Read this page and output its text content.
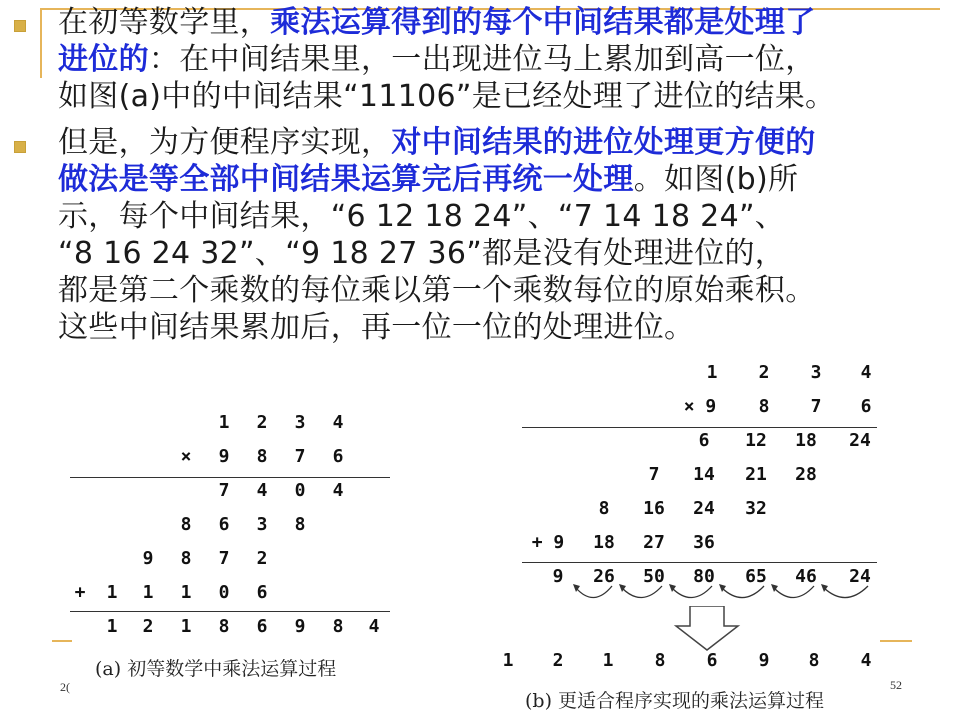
在初等数学里，乘法运算得到的每个中间结果都是处理了
进位的：在中间结果里，一出现进位马上累加到高一位，
如图(a)中的中间结果“11106”是已经处理了进位的结果。
但是，为方便程序实现，对中间结果的进位处理更方便的
做法是等全部中间结果运算完后再统一处理。如图(b)所
示，每个中间结果，“6 12 18 24”、“7 14 18 24”、
“8 16 24 32”、“9 18 27 36”都是没有处理进位的，
都是第二个乘数的每位乘以第一个乘数每位的原始乘积。
这些中间结果累加后，再一位一位的处理进位。
1	2	3	4
×	9	8	7	6
7	4	0	4
8	6	3	8
9	8	7	2
+	1	1	1	0	6
1	2	1	8	6	9	8	4
(a) 初等数学中乘法运算过程
1	2	3	4
× 9	8	7	6
6	12	18	24
7	14	21	28
8	16	24	32
+ 9	18	27	36
9	26	50	80	65	46	24
1	2	1	8	6	9	8	4
(b) 更适合程序实现的乘法运算过程
2(	52
